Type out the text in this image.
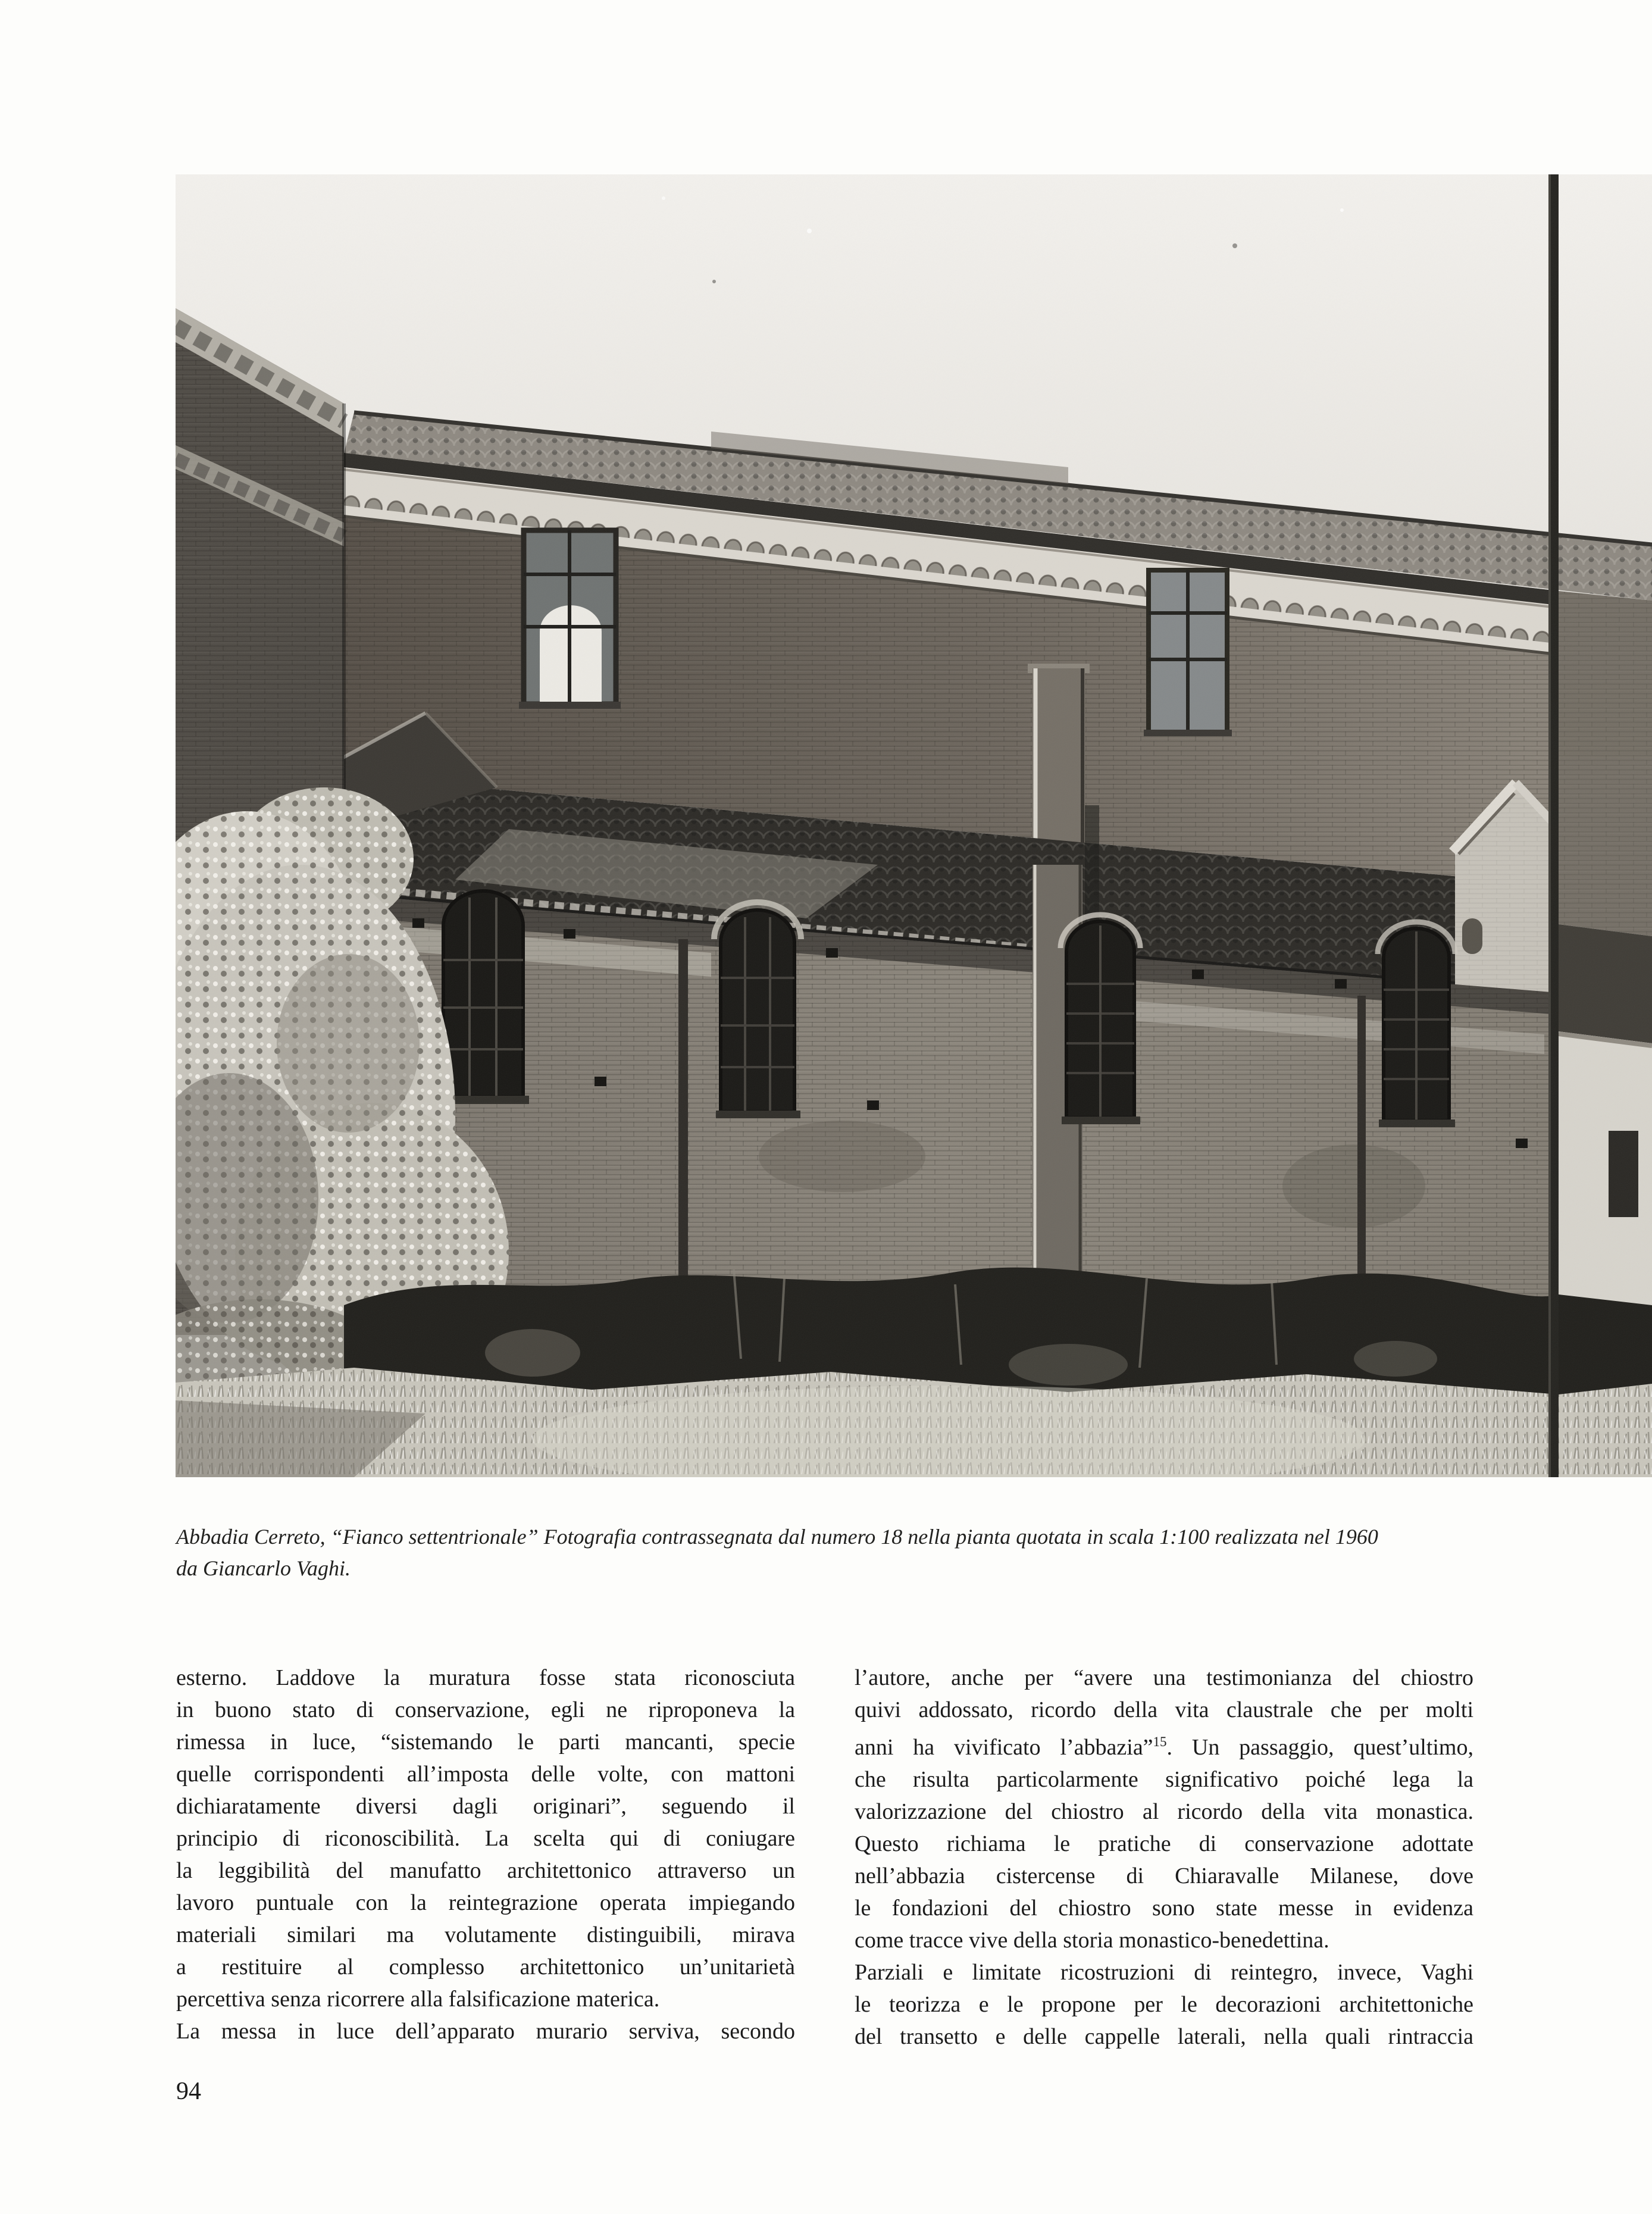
Abbadia Cerreto, “Fianco settentrionale” Fotografia contrassegnata dal numero 18 nella pianta quotata in scala 1:100 realizzata nel 1960
da Giancarlo Vaghi.
esterno. Laddove la muratura fosse stata riconosciuta
in buono stato di conservazione, egli ne riproponeva la
rimessa in luce, “sistemando le parti mancanti, specie
quelle corrispondenti all’imposta delle volte, con mattoni
dichiaratamente diversi dagli originari”, seguendo il
principio di riconoscibilità. La scelta qui di coniugare
la leggibilità del manufatto architettonico attraverso un
lavoro puntuale con la reintegrazione operata impiegando
materiali similari ma volutamente distinguibili, mirava
a restituire al complesso architettonico un’unitarietà
percettiva senza ricorrere alla falsificazione materica.
La messa in luce dell’apparato murario serviva, secondo
l’autore, anche per “avere una testimonianza del chiostro
quivi addossato, ricordo della vita claustrale che per molti
anni ha vivificato l’abbazia”$^{15}$. Un passaggio, quest’ultimo,
che risulta particolarmente significativo poiché lega la
valorizzazione del chiostro al ricordo della vita monastica.
Questo richiama le pratiche di conservazione adottate
nell’abbazia cistercense di Chiaravalle Milanese, dove
le fondazioni del chiostro sono state messe in evidenza
come tracce vive della storia monastico-benedettina.
Parziali e limitate ricostruzioni di reintegro, invece, Vaghi
le teorizza e le propone per le decorazioni architettoniche
del transetto e delle cappelle laterali, nella quali rintraccia
94
